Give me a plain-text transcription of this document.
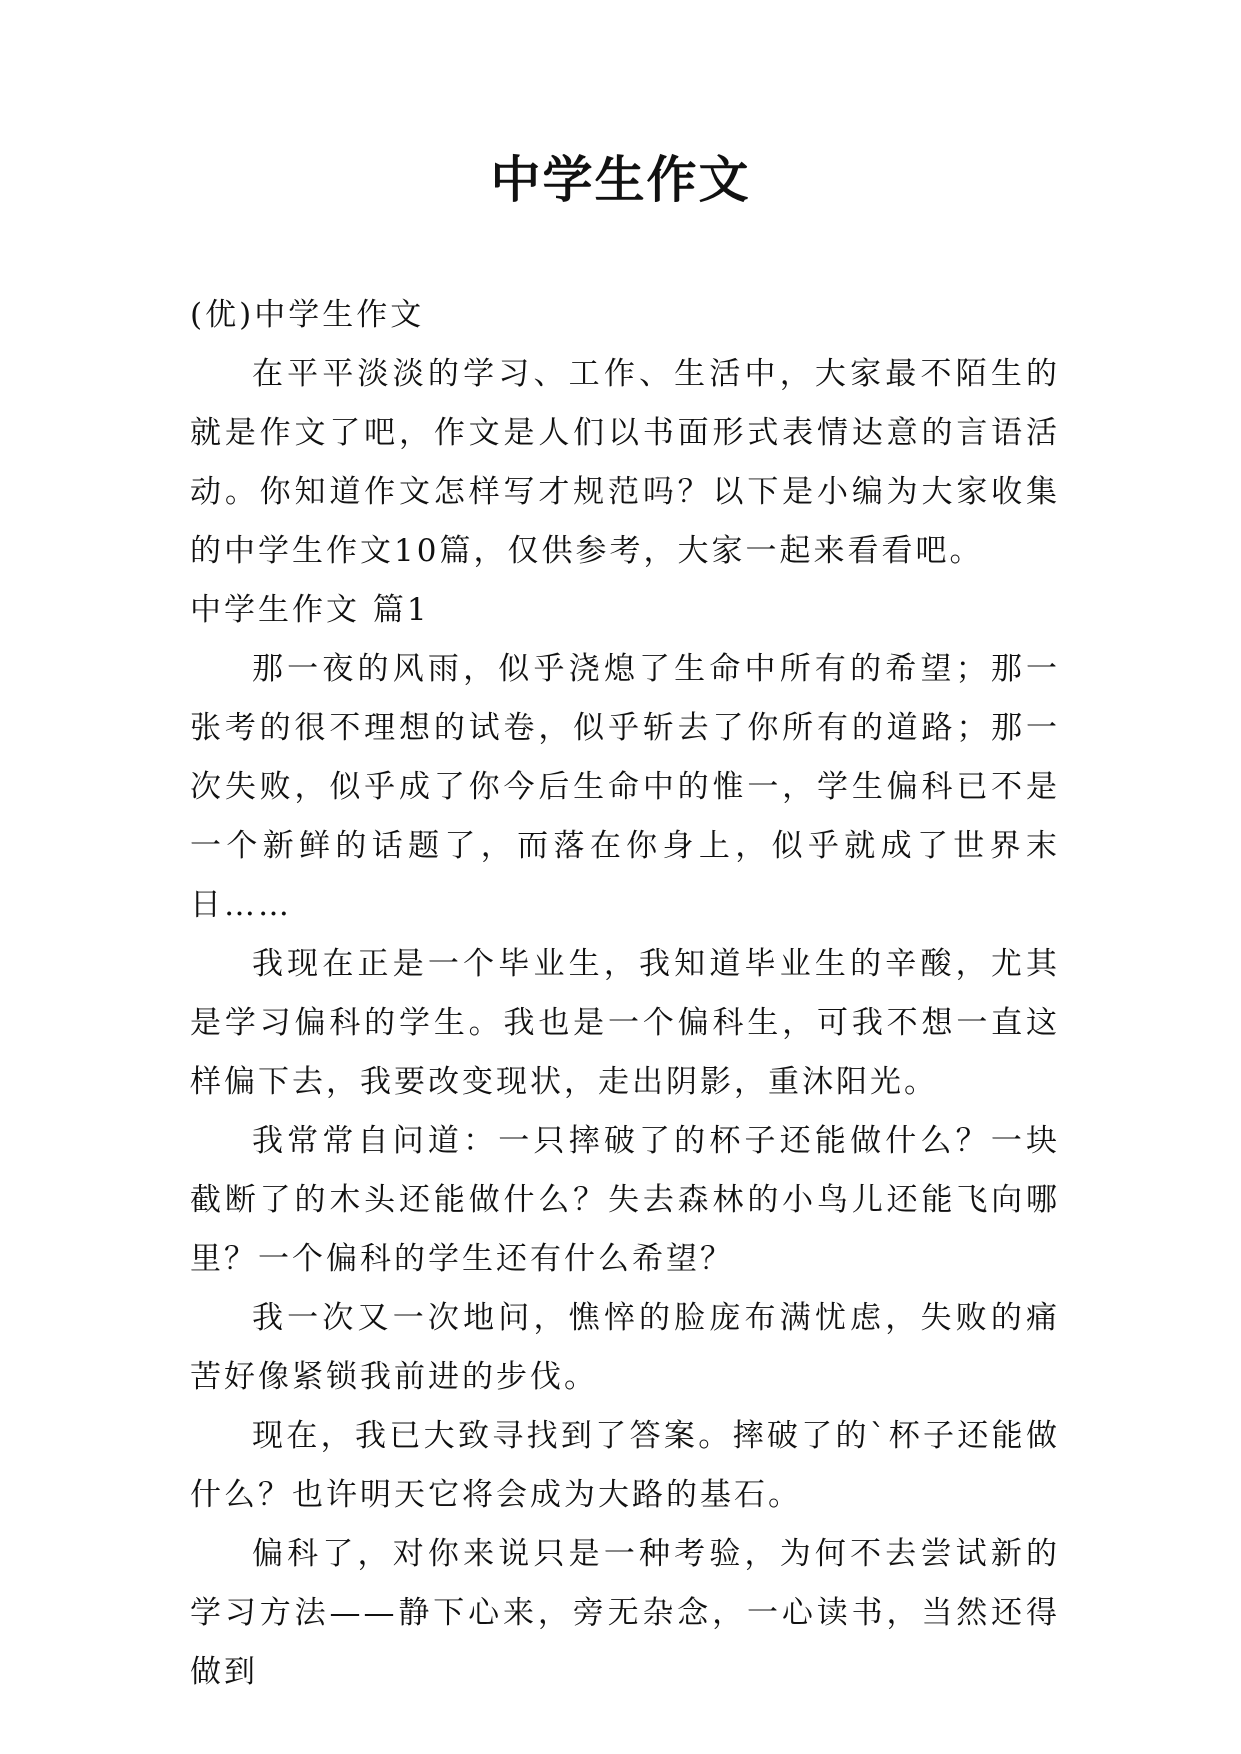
中学生作文

(优)中学生作文

在平平淡淡的学习、工作、生活中，大家最不陌生的就是作文了吧，作文是人们以书面形式表情达意的言语活动。你知道作文怎样写才规范吗？以下是小编为大家收集的中学生作文10篇，仅供参考，大家一起来看看吧。

中学生作文 篇1

那一夜的风雨，似乎浇熄了生命中所有的希望；那一张考的很不理想的试卷，似乎斩去了你所有的道路；那一次失败，似乎成了你今后生命中的惟一，学生偏科已不是一个新鲜的话题了，而落在你身上，似乎就成了世界末日……

我现在正是一个毕业生，我知道毕业生的辛酸，尤其是学习偏科的学生。我也是一个偏科生，可我不想一直这样偏下去，我要改变现状，走出阴影，重沐阳光。

我常常自问道：一只摔破了的杯子还能做什么？一块截断了的木头还能做什么？失去森林的小鸟儿还能飞向哪里？一个偏科的学生还有什么希望？

我一次又一次地问，憔悴的脸庞布满忧虑，失败的痛苦好像紧锁我前进的步伐。

现在，我已大致寻找到了答案。摔破了的`杯子还能做什么？也许明天它将会成为大路的基石。

偏科了，对你来说只是一种考验，为何不去尝试新的学习方法——静下心来，旁无杂念，一心读书，当然还得做到
